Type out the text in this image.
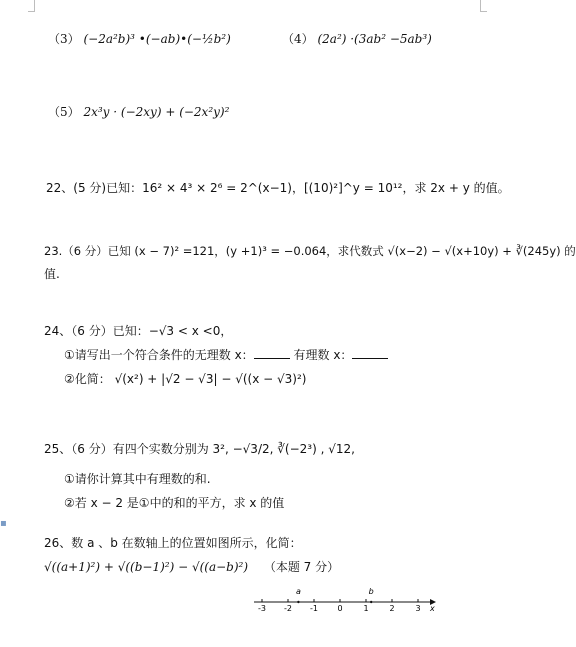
（3） (−2a²b)³ •(−ab)•(−½b²)	（4） (2a²) ·(3ab² −5ab³)
（5） 2x³y · (−2xy) + (−2x²y)²
22、(5 分)已知：16² × 4³ × 2⁶ = 2^(x−1)，[(10)²]^y = 10¹²，求 2x + y 的值。
23.（6 分）已知 (x − 7)² =121，(y +1)³ = −0.064，求代数式 √(x−2) − √(x+10y) + ∛(245y) 的
值.
24、（6 分）已知：−√3 < x <0，
①请写出一个符合条件的无理数 x：	有理数 x：
②化简： √(x²) + |√2 − √3| − √((x − √3)²)
25、（6 分）有四个实数分别为 3², −√3/2, ∛(−2³) , √12,
①请你计算其中有理数的和.
②若 x − 2 是①中的和的平方，求 x 的值
▪
26、数 a 、b 在数轴上的位置如图所示，化简：
√((a+1)²) + √((b−1)²) − √((a−b)²) （本题 7 分）
-3 -2 -1 0	1	2	3
a	b
x
